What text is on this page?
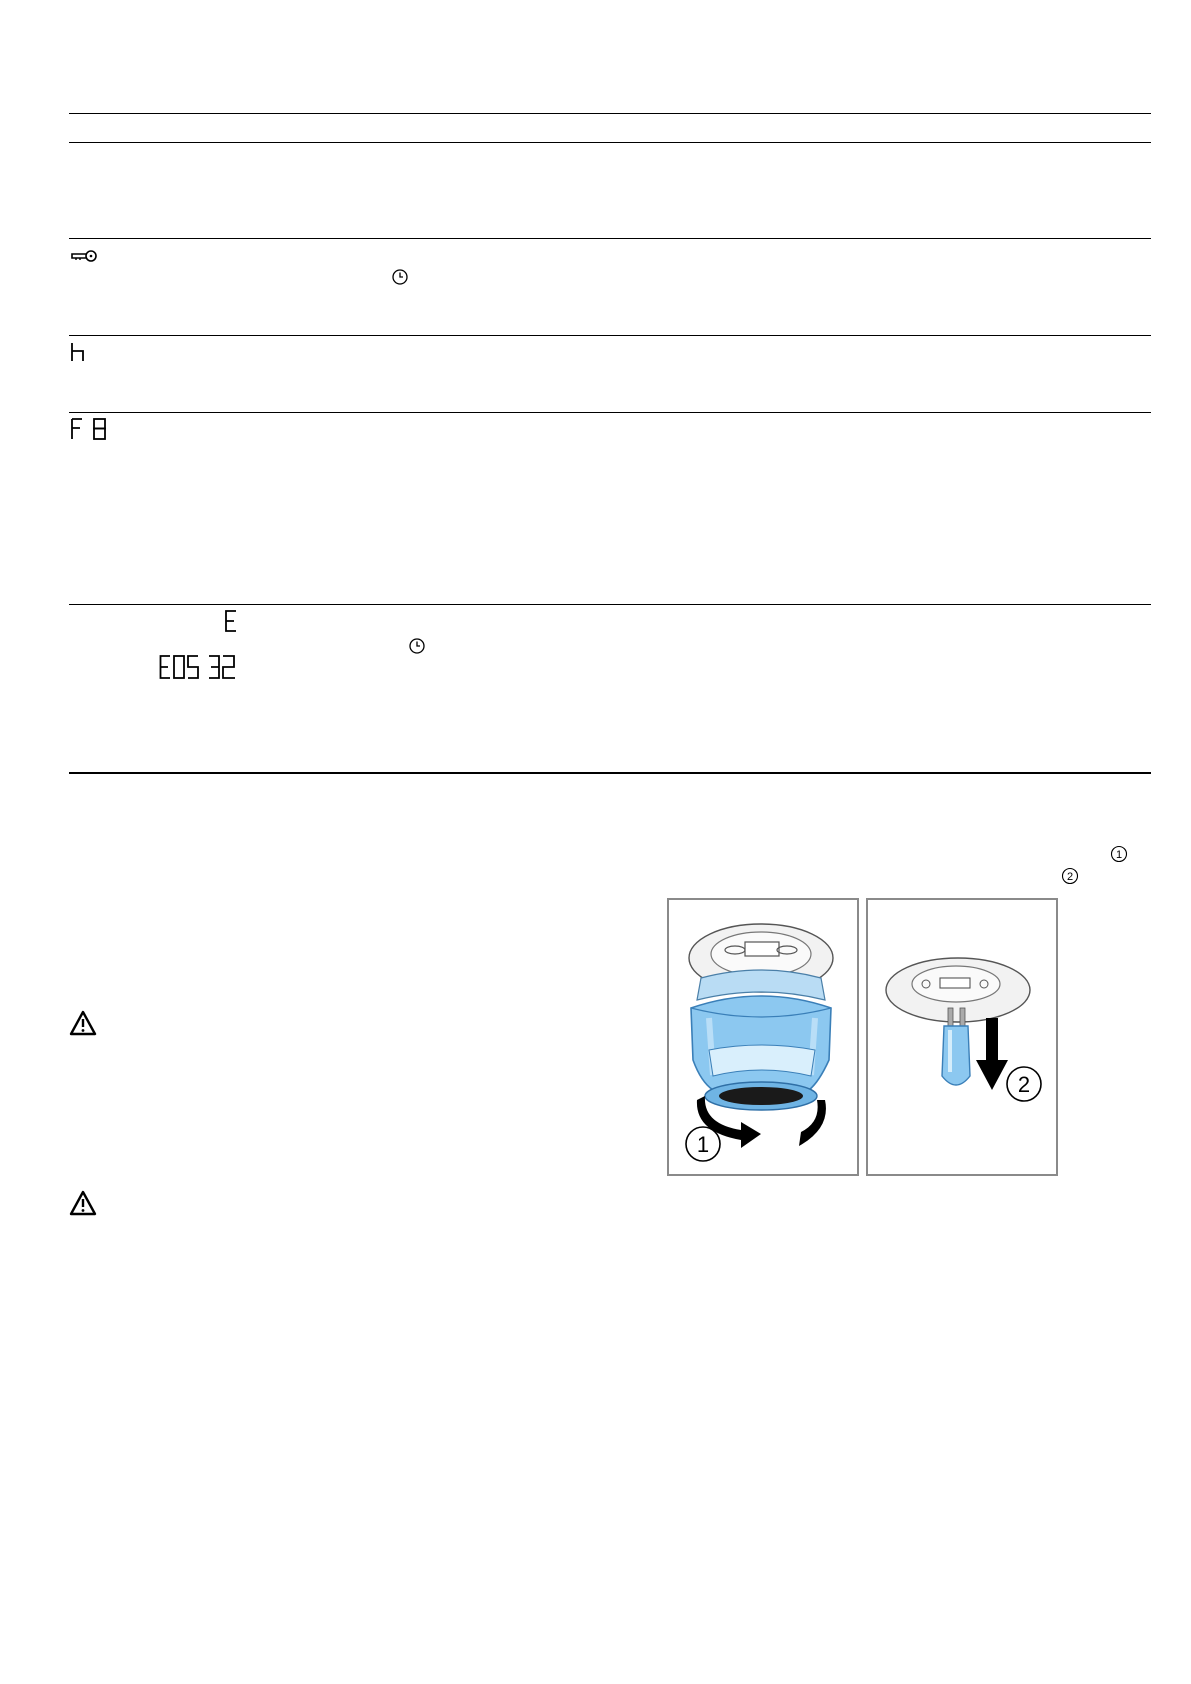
1
2
1
2
